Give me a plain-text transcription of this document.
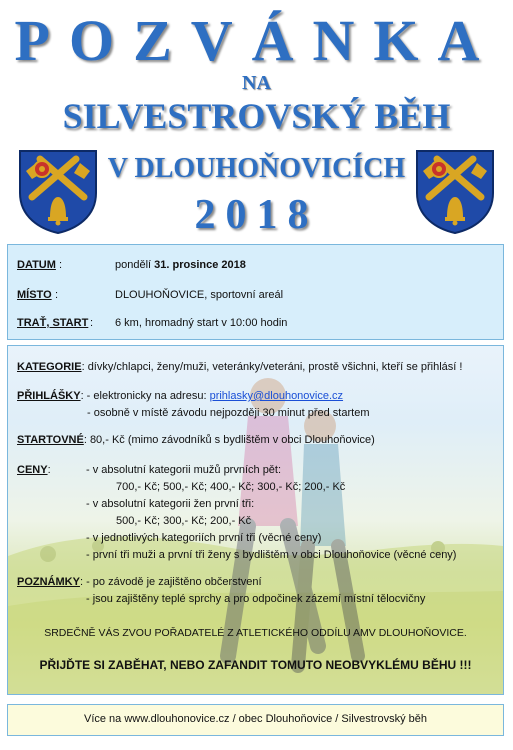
POZVÁNKA
NA
SILVESTROVSKÝ BĚH
V DLOUHOŇOVICÍCH
2018
DATUM :	pondělí 31. prosince 2018
MÍSTO :	DLOUHOŇOVICE, sportovní areál
TRAŤ, START : 6 km, hromadný start v 10:00 hodin
KATEGORIE: dívky/chlapci, ženy/muži, veteránky/veteráni, prostě všichni, kteří se přihlásí !
PŘIHLÁŠKY: - elektronicky na adresu: prihlasky@dlouhonovice.cz
- osobně v místě závodu nejpozději 30 minut před startem
STARTOVNÉ: 80,- Kč (mimo závodníků s bydlištěm v obci Dlouhoňovice)
CENY:	- v absolutní kategorii mužů prvních pět:
700,- Kč; 500,- Kč; 400,- Kč; 300,- Kč; 200,- Kč
- v absolutní kategorii žen první tři:
500,- Kč; 300,- Kč; 200,- Kč
- v jednotlivých kategoriích první tři (věcné ceny)
- první tři muži a první tři ženy s bydlištěm v obci Dlouhoňovice (věcné ceny)
POZNÁMKY: - po závodě je zajištěno občerstvení
- jsou zajištěny teplé sprchy a pro odpočinek zázemí místní tělocvičny
SRDEČNĚ VÁS ZVOU POŘADATELÉ Z ATLETICKÉHO ODDÍLU AMV DLOUHOŇOVICE.
PŘIJĎTE SI ZABĚHAT, NEBO ZAFANDIT TOMUTO NEOBVYKLÉMU BĚHU !!!
Více na www.dlouhonovice.cz / obec Dlouhoňovice / Silvestrovský běh
